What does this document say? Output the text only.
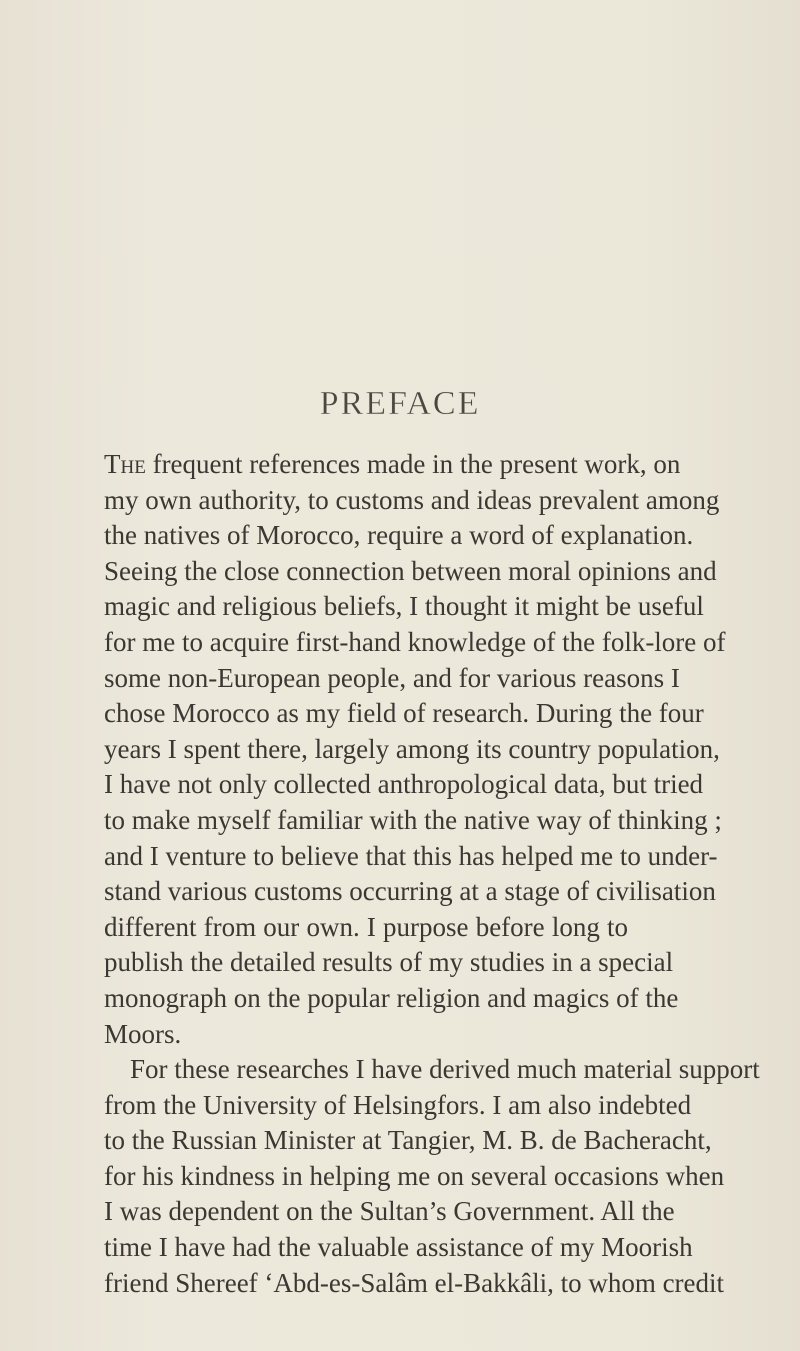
PREFACE
The frequent references made in the present work, on
my own authority, to customs and ideas prevalent among
the natives of Morocco, require a word of explanation.
Seeing the close connection between moral opinions and
magic and religious beliefs, I thought it might be useful
for me to acquire first-hand knowledge of the folk-lore of
some non-European people, and for various reasons I
chose Morocco as my field of research. During the four
years I spent there, largely among its country population,
I have not only collected anthropological data, but tried
to make myself familiar with the native way of thinking ;
and I venture to believe that this has helped me to under-
stand various customs occurring at a stage of civilisation
different from our own. I purpose before long to
publish the detailed results of my studies in a special
monograph on the popular religion and magics of the
Moors.
For these researches I have derived much material support
from the University of Helsingfors. I am also indebted
to the Russian Minister at Tangier, M. B. de Bacheracht,
for his kindness in helping me on several occasions when
I was dependent on the Sultan’s Government. All the
time I have had the valuable assistance of my Moorish
friend Shereef ‘Abd-es-Salâm el-Bakkâli, to whom credit
